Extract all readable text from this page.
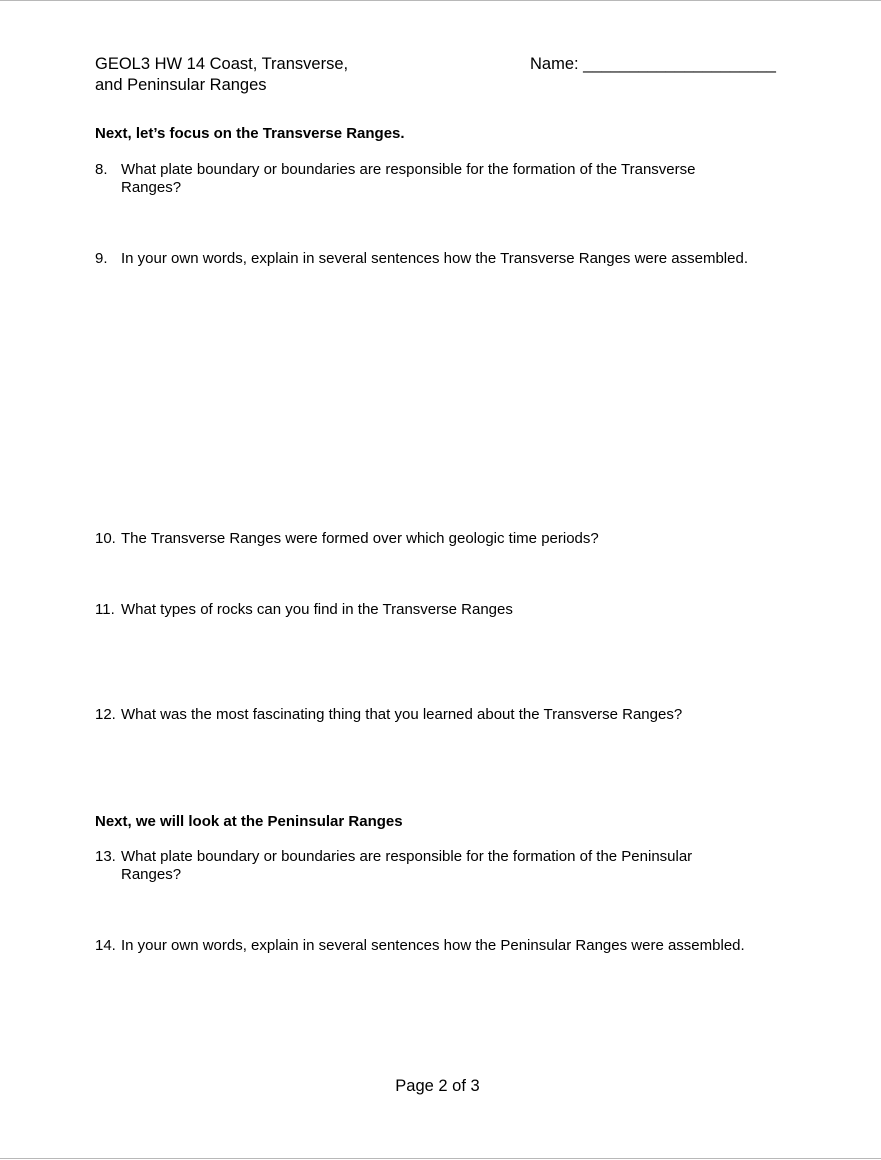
GEOL3 HW 14 Coast, Transverse,
and Peninsular Ranges
Name: _____________________
Next, let’s focus on the Transverse Ranges.
8. What plate boundary or boundaries are responsible for the formation of the Transverse Ranges?
9. In your own words, explain in several sentences how the Transverse Ranges were assembled.
10. The Transverse Ranges were formed over which geologic time periods?
11. What types of rocks can you find in the Transverse Ranges
12. What was the most fascinating thing that you learned about the Transverse Ranges?
Next, we will look at the Peninsular Ranges
13. What plate boundary or boundaries are responsible for the formation of the Peninsular Ranges?
14. In your own words, explain in several sentences how the Peninsular Ranges were assembled.
Page 2 of 3
